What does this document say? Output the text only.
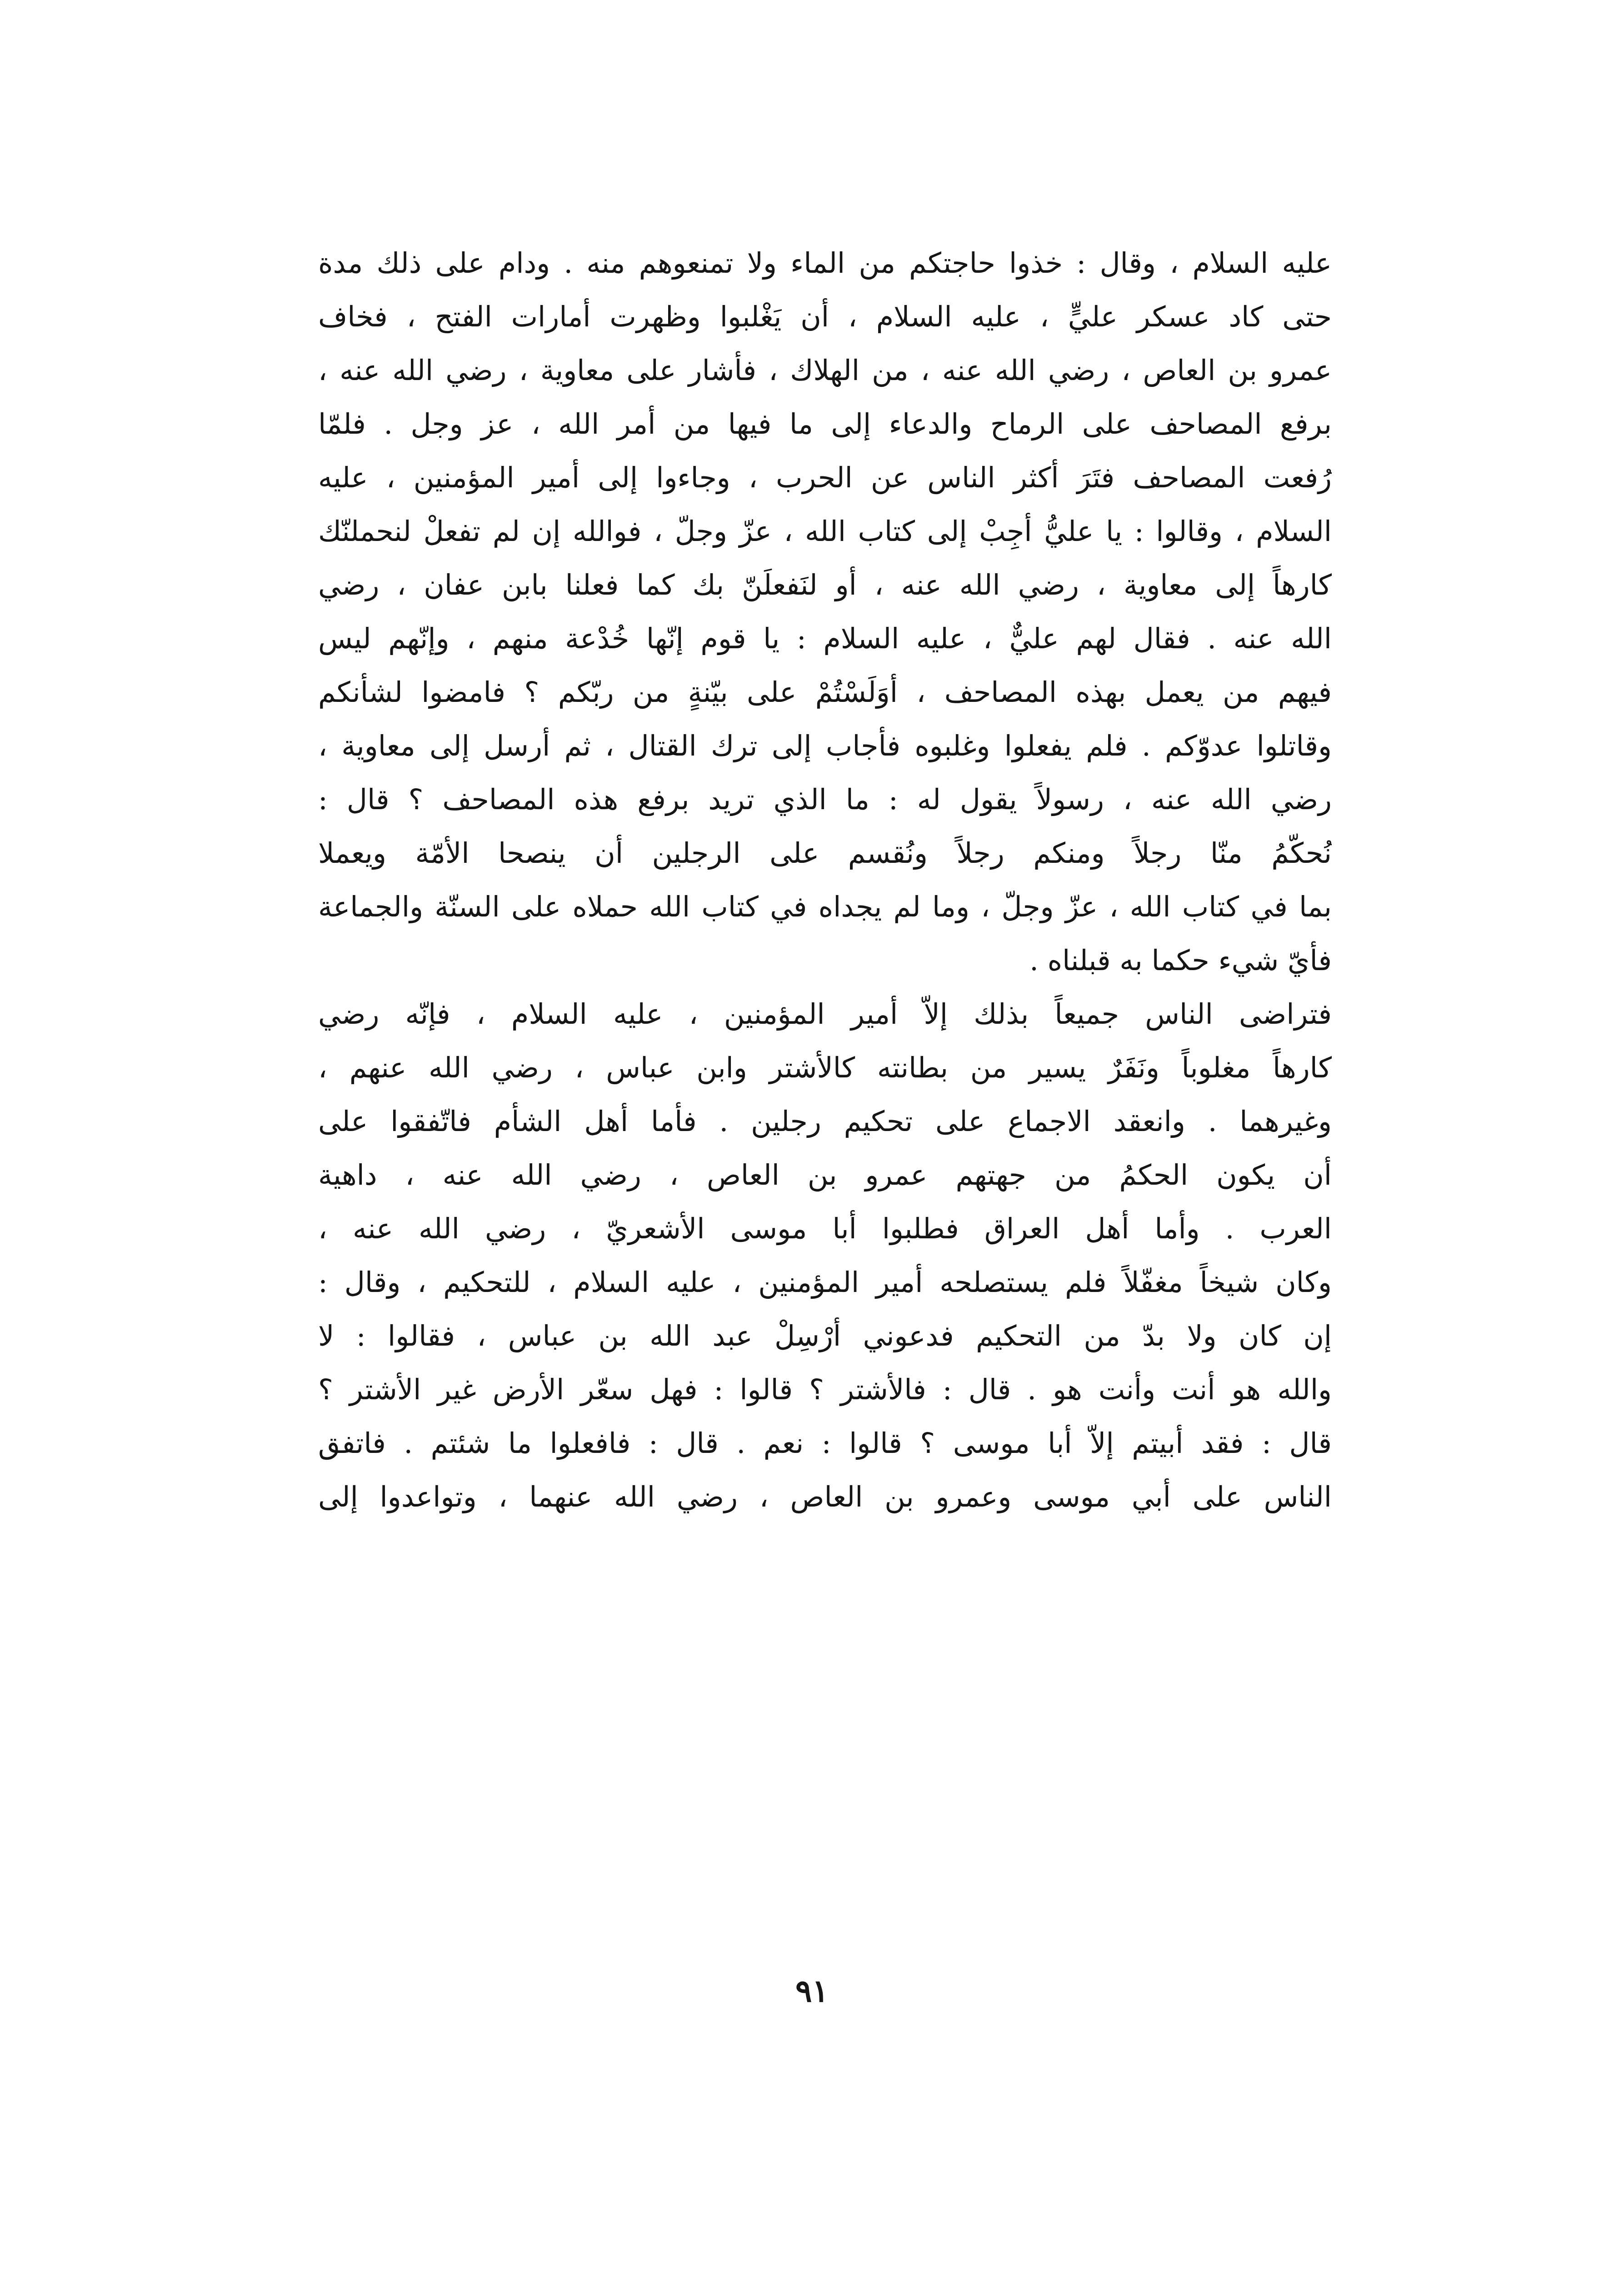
عليه السلام ، وقال : خذوا حاجتكم من الماء ولا تمنعوهم منه . ودام على ذلك مدة
حتى كاد عسكر عليٍّ ، عليه السلام ، أن يَغْلبوا وظهرت أمارات الفتح ، فخاف
عمرو بن العاص ، رضي الله عنه ، من الهلاك ، فأشار على معاوية ، رضي الله عنه ،
برفع المصاحف على الرماح والدعاء إلى ما فيها من أمر الله ، عز وجل . فلمّا
رُفعت المصاحف فتَرَ أكثر الناس عن الحرب ، وجاءوا إلى أمير المؤمنين ، عليه
السلام ، وقالوا : يا عليُّ أجِبْ إلى كتاب الله ، عزّ وجلّ ، فوالله إن لم تفعلْ لنحملنّك
كارهاً إلى معاوية ، رضي الله عنه ، أو لنَفعلَنّ بك كما فعلنا بابن عفان ، رضي
الله عنه . فقال لهم عليٌّ ، عليه السلام : يا قوم إنّها خُدْعة منهم ، وإنّهم ليس
فيهم من يعمل بهذه المصاحف ، أوَلَسْتُمْ على بيّنةٍ من ربّكم ؟ فامضوا لشأنكم
وقاتلوا عدوّكم . فلم يفعلوا وغلبوه فأجاب إلى ترك القتال ، ثم أرسل إلى معاوية ،
رضي الله عنه ، رسولاً يقول له : ما الذي تريد برفع هذه المصاحف ؟ قال :
نُحكّمُ منّا رجلاً ومنكم رجلاً ونُقسم على الرجلين أن ينصحا الأمّة ويعملا
بما في كتاب الله ، عزّ وجلّ ، وما لم يجداه في كتاب الله حملاه على السنّة والجماعة
فأيّ شيء حكما به قبلناه .
فتراضى الناس جميعاً بذلك إلاّ أمير المؤمنين ، عليه السلام ، فإنّه رضي
كارهاً مغلوباً ونَفَرٌ يسير من بطانته كالأشتر وابن عباس ، رضي الله عنهم ،
وغيرهما . وانعقد الاجماع على تحكيم رجلين . فأما أهل الشأم فاتّفقوا على
أن يكون الحكمُ من جهتهم عمرو بن العاص ، رضي الله عنه ، داهية
العرب . وأما أهل العراق فطلبوا أبا موسى الأشعريّ ، رضي الله عنه ،
وكان شيخاً مغفّلاً فلم يستصلحه أمير المؤمنين ، عليه السلام ، للتحكيم ، وقال :
إن كان ولا بدّ من التحكيم فدعوني أرْسِلْ عبد الله بن عباس ، فقالوا : لا
والله هو أنت وأنت هو . قال : فالأشتر ؟ قالوا : فهل سعّر الأرض غير الأشتر ؟
قال : فقد أبيتم إلاّ أبا موسى ؟ قالوا : نعم . قال : فافعلوا ما شئتم . فاتفق
الناس على أبي موسى وعمرو بن العاص ، رضي الله عنهما ، وتواعدوا إلى
٩١
